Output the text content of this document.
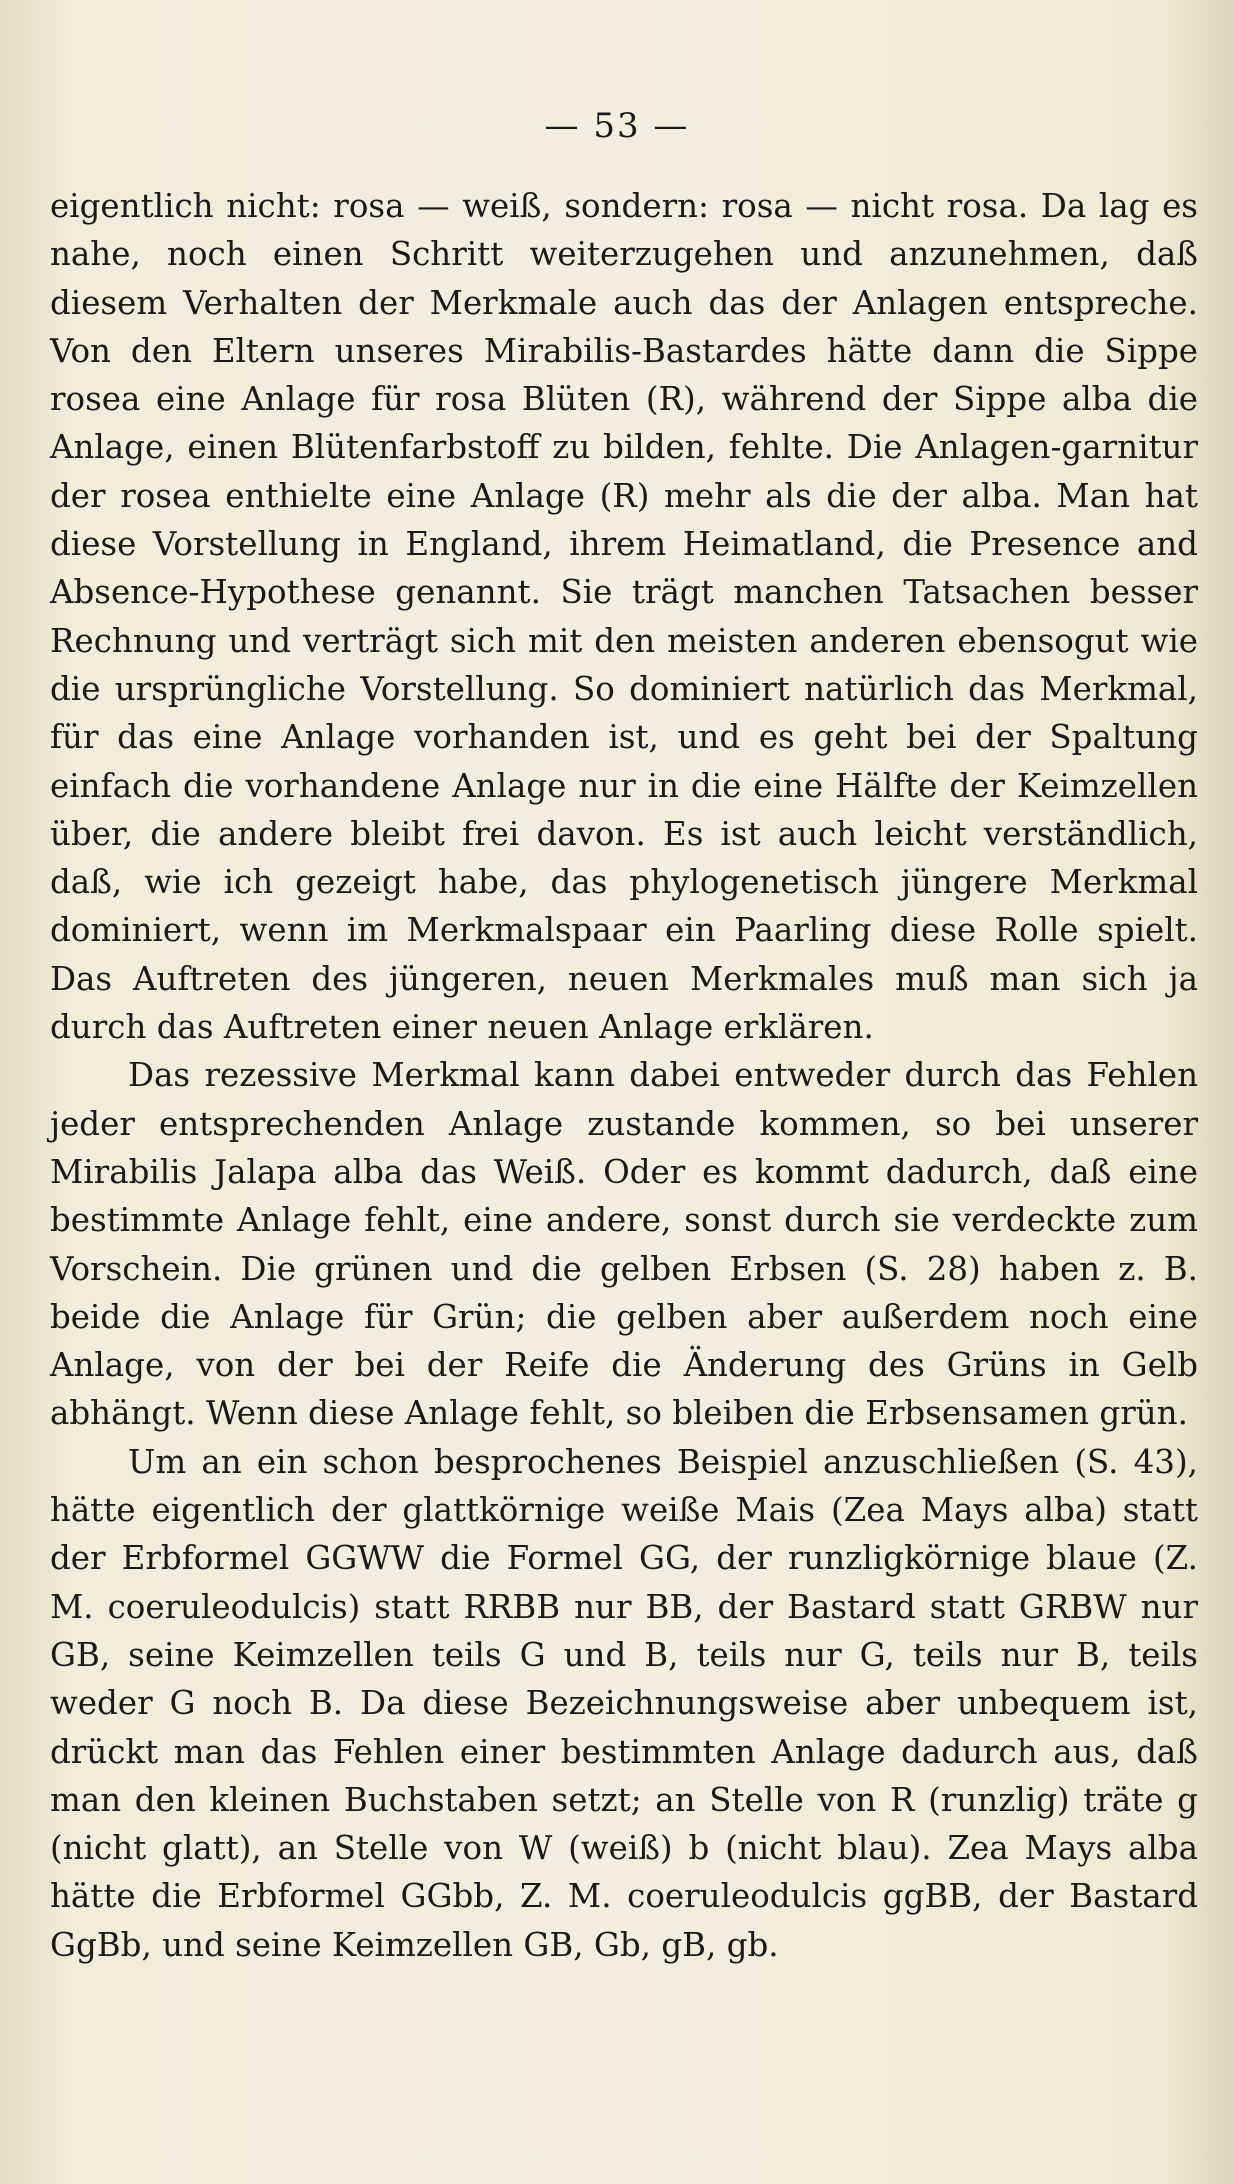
— 53 —

eigentlich nicht: rosa — weiß, sondern: rosa — nicht rosa. Da lag es nahe, noch einen Schritt weiterzugehen und anzunehmen, daß diesem Verhalten der Merkmale auch das der Anlagen entspreche. Von den Eltern unseres Mirabilis-Bastardes hätte dann die Sippe rosea eine Anlage für rosa Blüten (R), während der Sippe alba die Anlage, einen Blütenfarbstoff zu bilden, fehlte. Die Anlagen-garnitur der rosea enthielte eine Anlage (R) mehr als die der alba. Man hat diese Vorstellung in England, ihrem Heimatland, die Presence and Absence-Hypothese genannt. Sie trägt manchen Tatsachen besser Rechnung und verträgt sich mit den meisten anderen ebensogut wie die ursprüngliche Vorstellung. So dominiert natürlich das Merkmal, für das eine Anlage vorhanden ist, und es geht bei der Spaltung einfach die vorhandene Anlage nur in die eine Hälfte der Keimzellen über, die andere bleibt frei davon. Es ist auch leicht verständlich, daß, wie ich gezeigt habe, das phylogenetisch jüngere Merkmal dominiert, wenn im Merkmalspaar ein Paarling diese Rolle spielt. Das Auftreten des jüngeren, neuen Merkmales muß man sich ja durch das Auftreten einer neuen Anlage erklären.

Das rezessive Merkmal kann dabei entweder durch das Fehlen jeder entsprechenden Anlage zustande kommen, so bei unserer Mirabilis Jalapa alba das Weiß. Oder es kommt dadurch, daß eine bestimmte Anlage fehlt, eine andere, sonst durch sie verdeckte zum Vorschein. Die grünen und die gelben Erbsen (S. 28) haben z. B. beide die Anlage für Grün; die gelben aber außerdem noch eine Anlage, von der bei der Reife die Änderung des Grüns in Gelb abhängt. Wenn diese Anlage fehlt, so bleiben die Erbsensamen grün.

Um an ein schon besprochenes Beispiel anzuschließen (S. 43), hätte eigentlich der glattkörnige weiße Mais (Zea Mays alba) statt der Erbformel GGWW die Formel GG, der runzligkörnige blaue (Z. M. coeruleodulcis) statt RRBB nur BB, der Bastard statt GRBW nur GB, seine Keimzellen teils G und B, teils nur G, teils nur B, teils weder G noch B. Da diese Bezeichnungsweise aber unbequem ist, drückt man das Fehlen einer bestimmten Anlage dadurch aus, daß man den kleinen Buchstaben setzt; an Stelle von R (runzlig) träte g (nicht glatt), an Stelle von W (weiß) b (nicht blau). Zea Mays alba hätte die Erbformel GGbb, Z. M. coeruleodulcis ggBB, der Bastard GgBb, und seine Keimzellen GB, Gb, gB, gb.
